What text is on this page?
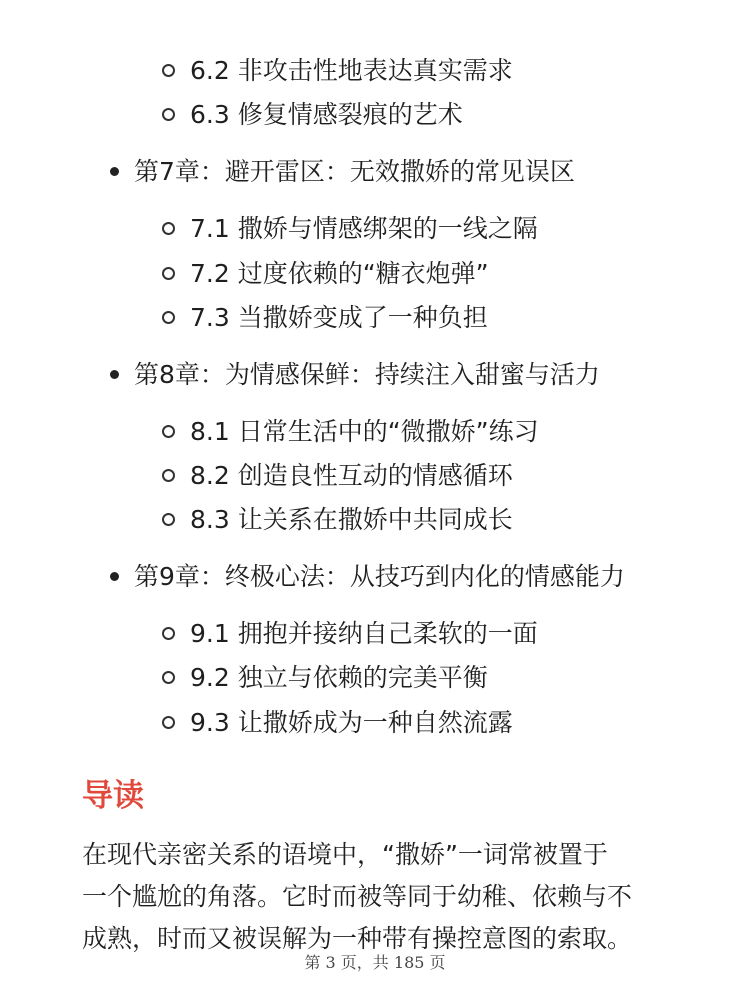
6.2 非攻击性地表达真实需求
6.3 修复情感裂痕的艺术
第7章：避开雷区：无效撒娇的常见误区
7.1 撒娇与情感绑架的一线之隔
7.2 过度依赖的“糖衣炮弹”
7.3 当撒娇变成了一种负担
第8章：为情感保鲜：持续注入甜蜜与活力
8.1 日常生活中的“微撒娇”练习
8.2 创造良性互动的情感循环
8.3 让关系在撒娇中共同成长
第9章：终极心法：从技巧到内化的情感能力
9.1 拥抱并接纳自己柔软的一面
9.2 独立与依赖的完美平衡
9.3 让撒娇成为一种自然流露
导读

在现代亲密关系的语境中，“撒娇”一词常被置于
一个尴尬的角落。它时而被等同于幼稚、依赖与不
成熟，时而又被误解为一种带有操控意图的索取。

第 3 页，共 185 页
